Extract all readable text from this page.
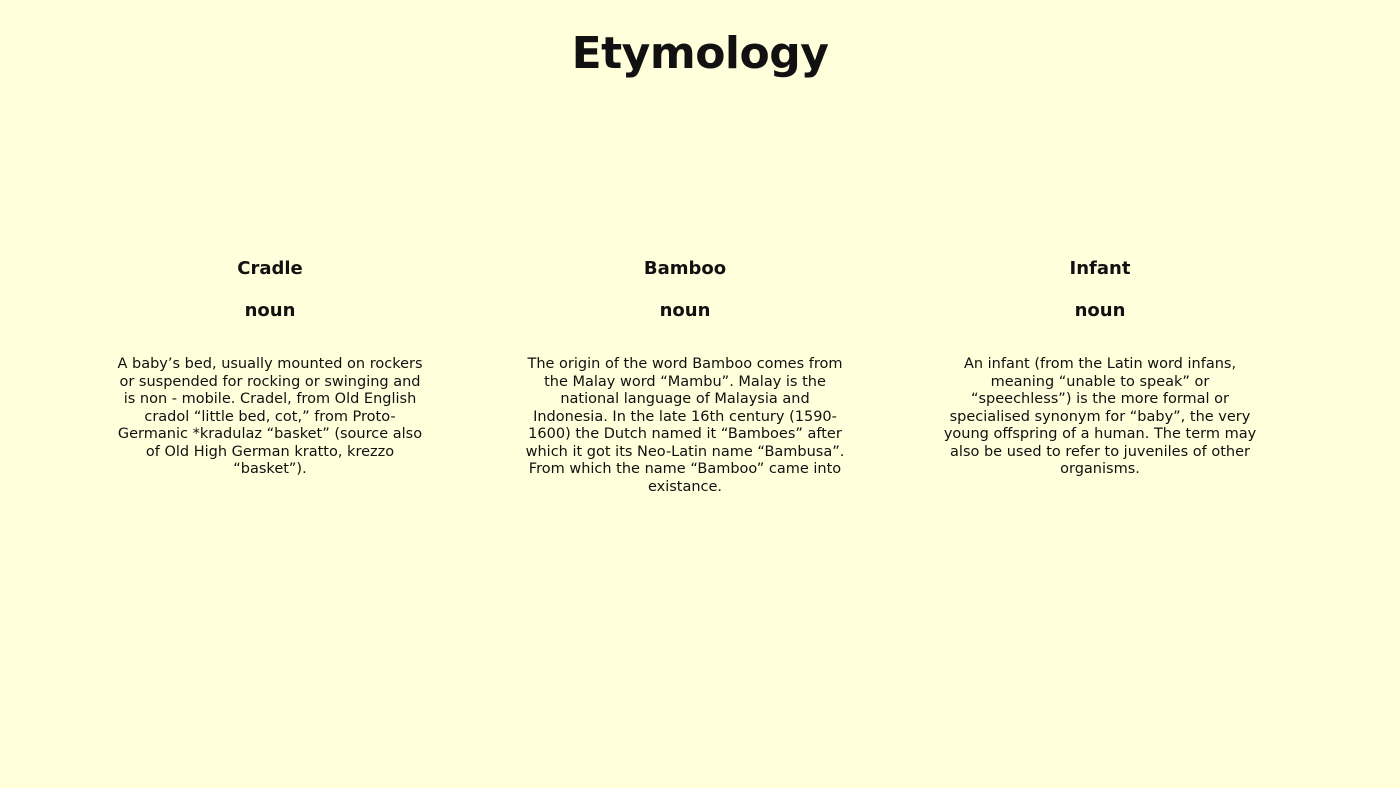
Etymology

Cradle

noun

A baby’s bed, usually mounted on rockers or suspended for rocking or swinging and is non - mobile. Cradel, from Old English cradol “little bed, cot,” from Proto-Germanic *kradulaz “basket” (source also of Old High German kratto, krezzo “basket”).

Bamboo

noun

The origin of the word Bamboo comes from the Malay word “Mambu”. Malay is the national language of Malaysia and Indonesia. In the late 16th century (1590-1600) the Dutch named it “Bamboes” after which it got its Neo-Latin name “Bambusa”. From which the name “Bamboo” came into existance.

Infant

noun

An infant (from the Latin word infans, meaning “unable to speak” or “speechless”) is the more formal or specialised synonym for “baby”, the very young offspring of a human. The term may also be used to refer to juveniles of other organisms.
